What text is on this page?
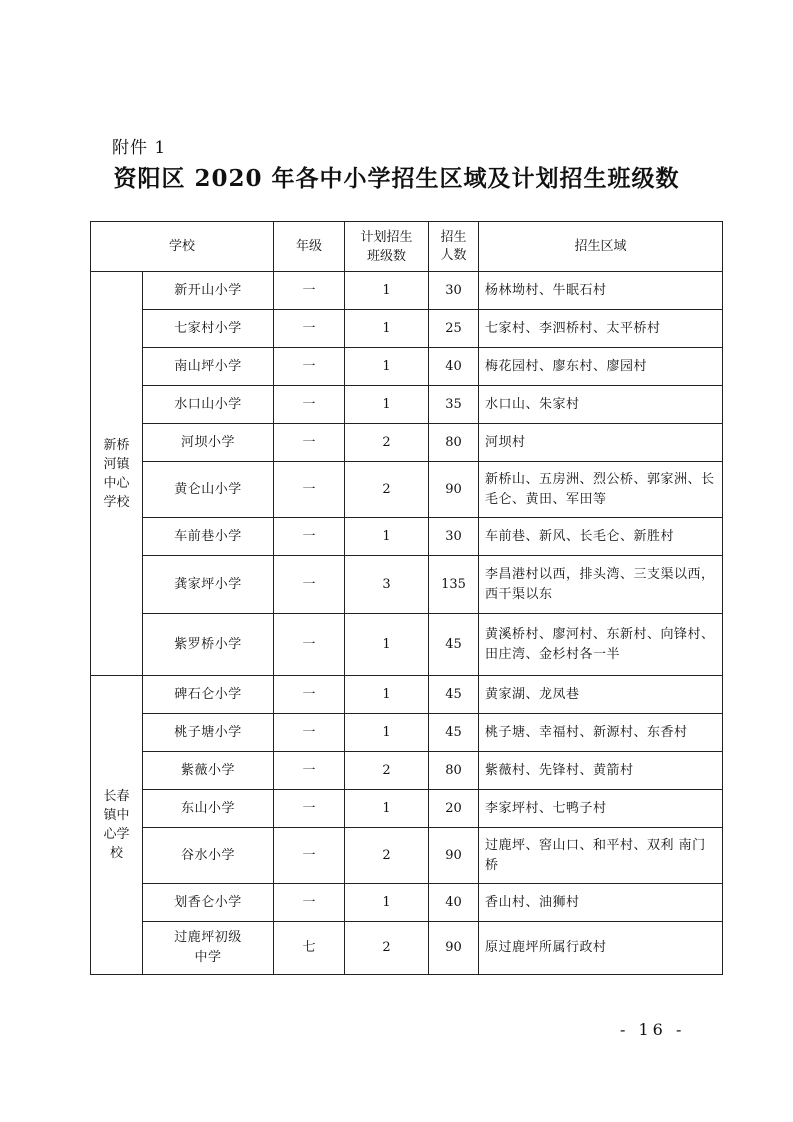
附件 1
资阳区 2020 年各中小学招生区域及计划招生班级数
学校		年级	计划招生班级数	招生人数	招生区域

新桥河镇中心学校	新开山小学	一	1	30	杨林坳村、牛眠石村
	七家村小学	一	1	25	七家村、李泗桥村、太平桥村
	南山坪小学	一	1	40	梅花园村、廖东村、廖园村
	水口山小学	一	1	35	水口山、朱家村
	河坝小学	一	2	80	河坝村
	黄仑山小学	一	2	90	新桥山、五房洲、烈公桥、郭家洲、长毛仑、黄田、军田等
	车前巷小学	一	1	30	车前巷、新风、长毛仑、新胜村
	龚家坪小学	一	3	135	李昌港村以西，排头湾、三支渠以西，西干渠以东
	紫罗桥小学	一	1	45	黄溪桥村、廖河村、东新村、向锋村、田庄湾、金杉村各一半

长春镇中心学校	碑石仑小学	一	1	45	黄家湖、龙凤巷
	桃子塘小学	一	1	45	桃子塘、幸福村、新源村、东香村
	紫薇小学	一	2	80	紫薇村、先锋村、黄箭村
	东山小学	一	1	20	李家坪村、七鸭子村
	谷水小学	一	2	90	过鹿坪、窖山口、和平村、双利 南门桥
	划香仑小学	一	1	40	香山村、油狮村

	过鹿坪初级中学	七	2	90	原过鹿坪所属行政村
- 16 -
